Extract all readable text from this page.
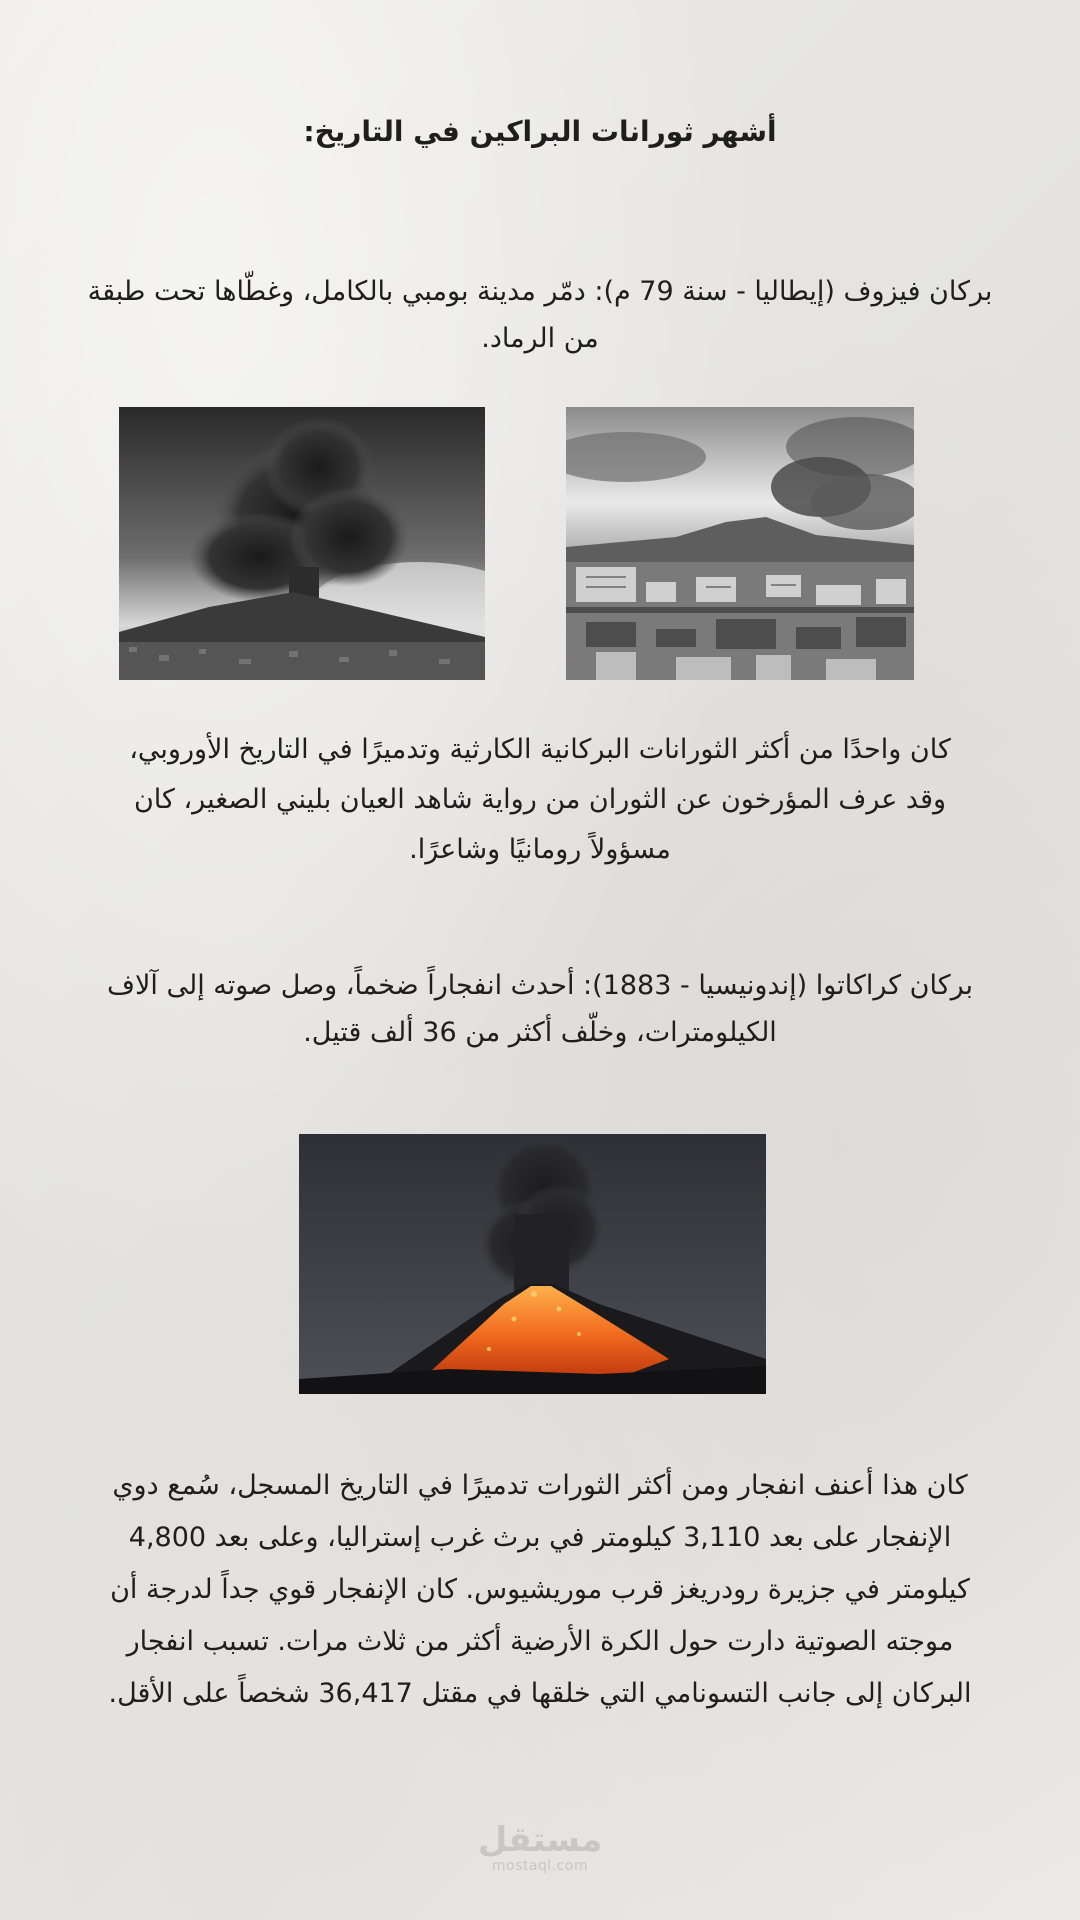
أشهر ثورانات البراكين في التاريخ:

بركان فيزوف (إيطاليا - سنة 79 م): دمّر مدينة بومبي بالكامل، وغطّاها تحت طبقة من الرماد.

كان واحدًا من أكثر الثورانات البركانية الكارثية وتدميرًا في التاريخ الأوروبي، وقد عرف المؤرخون عن الثوران من رواية شاهد العيان بليني الصغير، كان مسؤولاً رومانيًا وشاعرًا.

بركان كراكاتوا (إندونيسيا - 1883): أحدث انفجاراً ضخماً، وصل صوته إلى آلاف الكيلومترات، وخلّف أكثر من 36 ألف قتيل.

كان هذا أعنف انفجار ومن أكثر الثورات تدميرًا في التاريخ المسجل، سُمع دوي الإنفجار على بعد 3,110 كيلومتر في برث غرب إستراليا، وعلى بعد 4,800 كيلومتر في جزيرة رودريغز قرب موريشيوس. كان الإنفجار قوي جداً لدرجة أن موجته الصوتية دارت حول الكرة الأرضية أكثر من ثلاث مرات. تسبب انفجار البركان إلى جانب التسونامي التي خلقها في مقتل 36,417 شخصاً على الأقل.

مستقل
mostaql.com
